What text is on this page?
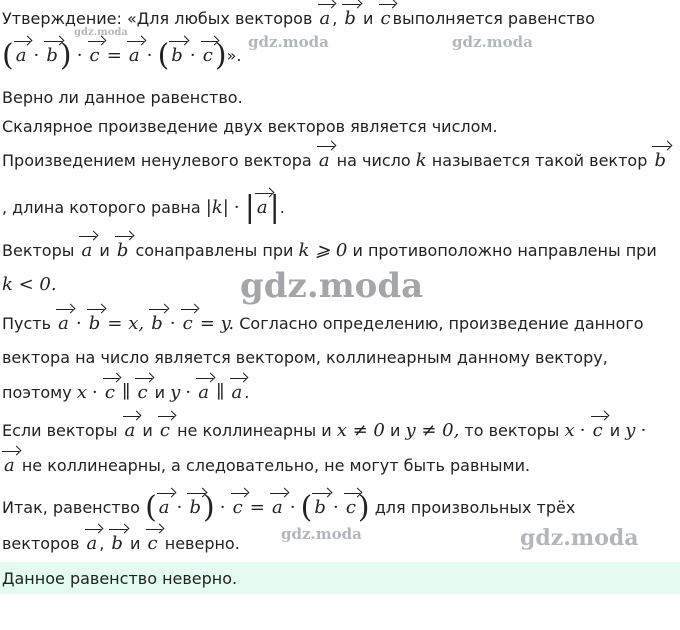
Утверждение: «Для любых векторов a , b и c выполняется равенство
( a · b) · c = a · ( b · c)».
Верно ли данное равенство.
Скалярное произведение двух векторов является числом.
Произведением ненулевого вектора a на число k называется такой вектор b
, длина которого равна |k| · | a|.
Векторы a и b сонаправлены при k ⩾ 0 и противоположно направлены при
k < 0.
Пусть a · b = x, b · c = y. Согласно определению, произведение данного
вектора на число является вектором, коллинеарным данному вектору,
поэтому x · c ∥ c и y · a ∥ a .
Если векторы a и c не коллинеарны и x ≠ 0 и y ≠ 0, то векторы x · c и y ·
a не коллинеарны, а следовательно, не могут быть равными.
Итак, равенство ( a · b) · c = a · ( b · c) для произвольных трёх
векторов a , b и c неверно.
Данное равенство неверно.
gdz.moda
gdz.moda	gdz.moda
gdz.moda
gdz.moda	gdz.moda
